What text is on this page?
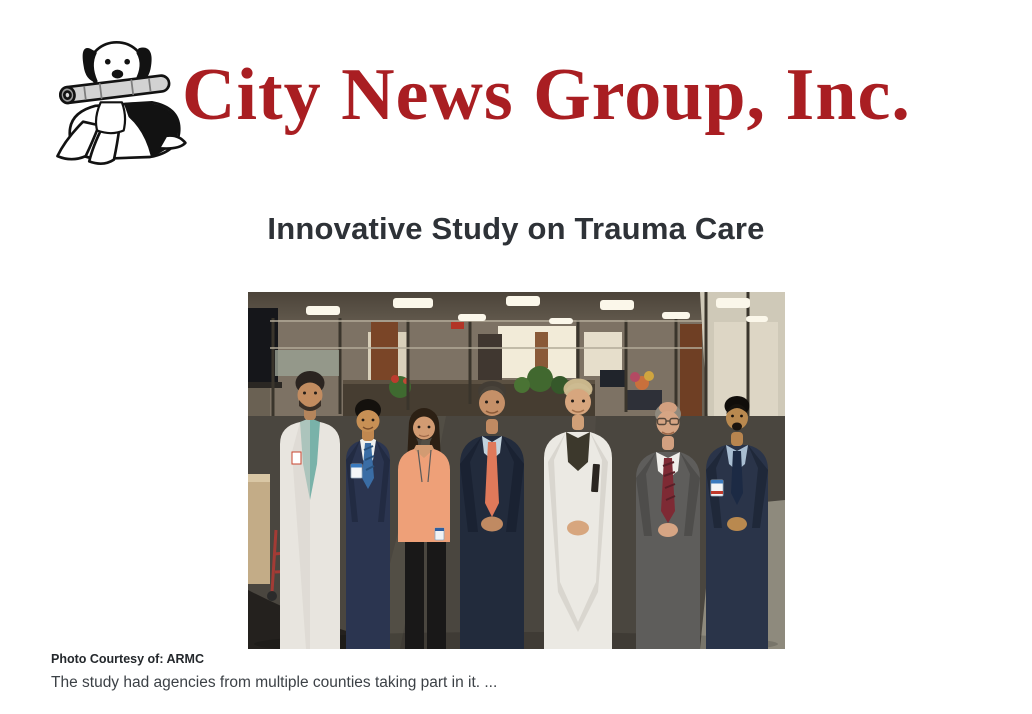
City News Group, Inc.
Innovative Study on Trauma Care
Photo Courtesy of: ARMC
The study had agencies from multiple counties taking part in it. ...
